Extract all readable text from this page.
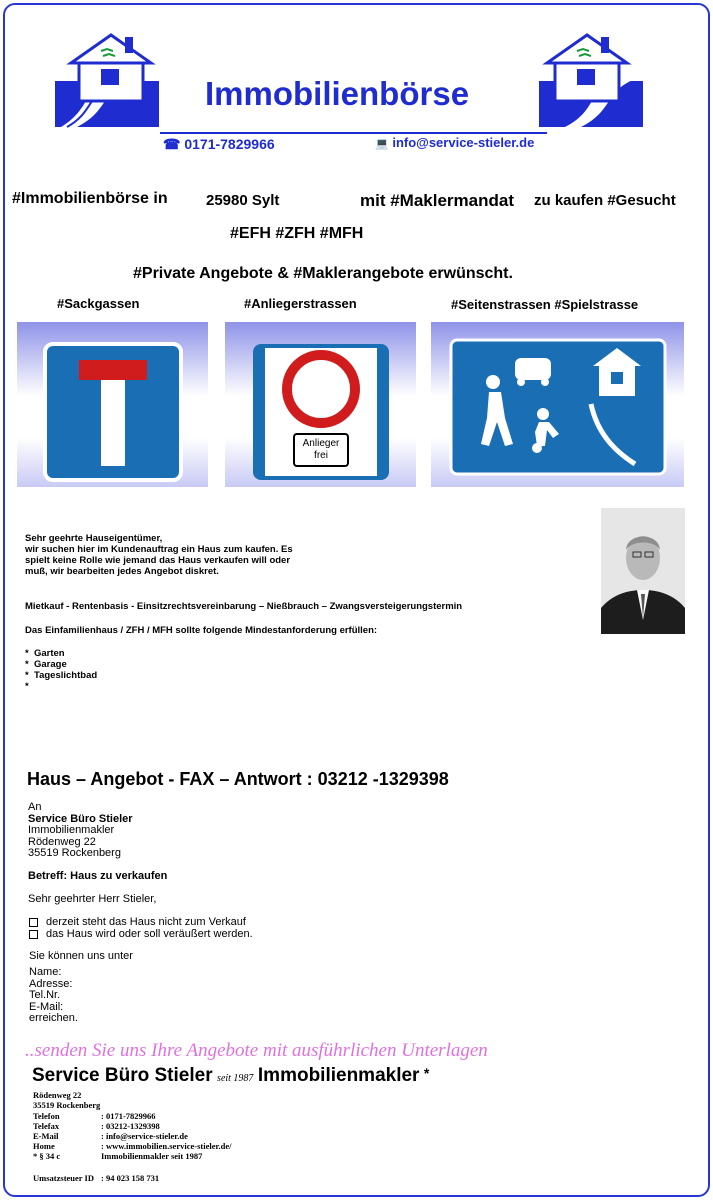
Immobilienbörse
☎ 0171-7829966	💻 info@service-stieler.de
#Immobilienbörse in	25980 Sylt	mit #Maklermandat zu kaufen #Gesucht
#EFH #ZFH #MFH
#Private Angebote & #Maklerangebote erwünscht.
#Sackgassen	#Anliegerstrassen	#Seitenstrassen #Spielstrasse
Anlieger
frei
Sehr geehrte Hauseigentümer,
wir suchen hier im Kundenauftrag ein Haus zum kaufen. Es
spielt keine Rolle wie jemand das Haus verkaufen will oder
muß, wir bearbeiten jedes Angebot diskret.
Mietkauf - Rentenbasis - Einsitzrechtsvereinbarung – Nießbrauch – Zwangsversteigerungstermin
Das Einfamilienhaus / ZFH / MFH sollte folgende Mindestanforderung erfüllen:
* Garten
* Garage
* Tageslichtbad
*
Haus – Angebot - FAX – Antwort : 03212 -1329398
An
Service Büro Stieler
Immobilienmakler
Rödenweg 22
35519 Rockenberg
Betreff: Haus zu verkaufen
Sehr geehrter Herr Stieler,
derzeit steht das Haus nicht zum Verkauf
das Haus wird oder soll veräußert werden.
Sie können uns unter
Name:
Adresse:
Tel.Nr.
E-Mail:
erreichen.
..senden Sie uns Ihre Angebote mit ausführlichen Unterlagen
Service Büro Stieler seit 1987 Immobilienmakler *
Rödenweg 22
35519 Rockenberg
Telefon	: 0171-7829966
Telefax	: 03212-1329398
E-Mail	: info@service-stieler.de
Home	: www.immobilien.service-stieler.de/
* § 34 c	Immobilienmakler seit 1987
Umsatzsteuer ID : 94 023 158 731
